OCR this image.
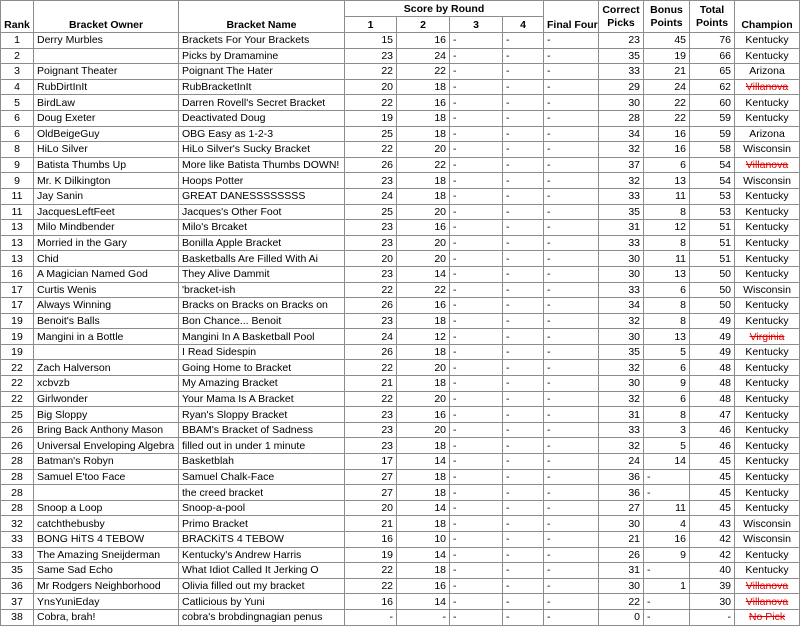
Rank	Bracket Owner	Bracket Name	Score by Round				Final Four	Correct Picks	Bonus Points	Total Points	Champion
			1	2	3	4					
1	Derry Murbles	Brackets For Your Brackets	15	16	-	-	-	23	45	76	Kentucky
2		Picks by Dramamine	23	24	-	-	-	35	19	66	Kentucky
3	Poignant Theater	Poignant The Hater	22	22	-	-	-	33	21	65	Arizona
4	RubDirtInIt	RubBracketInIt	20	18	-	-	-	29	24	62	Villanova
5	BirdLaw	Darren Rovell's Secret Bracket	22	16	-	-	-	30	22	60	Kentucky
6	Doug Exeter	Deactivated Doug	19	18	-	-	-	28	22	59	Kentucky
6	OldBeigeGuy	OBG Easy as 1-2-3	25	18	-	-	-	34	16	59	Arizona
8	HiLo Silver	HiLo Silver's Sucky Bracket	22	20	-	-	-	32	16	58	Wisconsin
9	Batista Thumbs Up	More like Batista Thumbs DOWN!	26	22	-	-	-	37	6	54	Villanova
9	Mr. K Dilkington	Hoops Potter	23	18	-	-	-	32	13	54	Wisconsin
11	Jay Sanin	GREAT DANESSSSSSSS	24	18	-	-	-	33	11	53	Kentucky
11	JacquesLeftFeet	Jacques's Other Foot	25	20	-	-	-	35	8	53	Kentucky
13	Milo Mindbender	Milo's Brcaket	23	16	-	-	-	31	12	51	Kentucky
13	Morried in the Gary	Bonilla Apple Bracket	23	20	-	-	-	33	8	51	Kentucky
13	Chid	Basketballs Are Filled With Ai	20	20	-	-	-	30	11	51	Kentucky
16	A Magician Named God	They Alive Dammit	23	14	-	-	-	30	13	50	Kentucky
17	Curtis Wenis	'bracket-ish	22	22	-	-	-	33	6	50	Wisconsin
17	Always Winning	Bracks on Bracks on Bracks on	26	16	-	-	-	34	8	50	Kentucky
19	Benoit's Balls	Bon Chance... Benoit	23	18	-	-	-	32	8	49	Kentucky
19	Mangini in a Bottle	Mangini In A Basketball Pool	24	12	-	-	-	30	13	49	Virginia
19		I Read Sidespin	26	18	-	-	-	35	5	49	Kentucky
22	Zach Halverson	Going Home to Bracket	22	20	-	-	-	32	6	48	Kentucky
22	xcbvzb	My Amazing Bracket	21	18	-	-	-	30	9	48	Kentucky
22	Girlwonder	Your Mama Is A Bracket	22	20	-	-	-	32	6	48	Kentucky
25	Big Sloppy	Ryan's Sloppy Bracket	23	16	-	-	-	31	8	47	Kentucky
26	Bring Back Anthony Mason	BBAM's Bracket of Sadness	23	20	-	-	-	33	3	46	Kentucky
26	Universal Enveloping Algebra	filled out in under 1 minute	23	18	-	-	-	32	5	46	Kentucky
28	Batman's Robyn	Basketblah	17	14	-	-	-	24	14	45	Kentucky
28	Samuel E'too Face	Samuel Chalk-Face	27	18	-	-	-	36	-	45	Kentucky
28		the creed bracket	27	18	-	-	-	36	-	45	Kentucky
28	Snoop a Loop	Snoop-a-pool	20	14	-	-	-	27	11	45	Kentucky
32	catchthebusby	Primo Bracket	21	18	-	-	-	30	4	43	Wisconsin
33	BONG HiTS 4 TEBOW	BRACKiTS 4 TEBOW	16	10	-	-	-	21	16	42	Wisconsin
33	The Amazing Sneijderman	Kentucky's Andrew Harris	19	14	-	-	-	26	9	42	Kentucky
35	Same Sad Echo	What Idiot Called It Jerking O	22	18	-	-	-	31	-	40	Kentucky
36	Mr Rodgers Neighborhood	Olivia filled out my bracket	22	16	-	-	-	30	1	39	Villanova
37	YnsYuniEday	Catlicious by Yuni	16	14	-	-	-	22	-	30	Villanova
38	Cobra, brah!	cobra's brobdingnagian penus	-	-	-	-	-	0	-	-	No Pick
